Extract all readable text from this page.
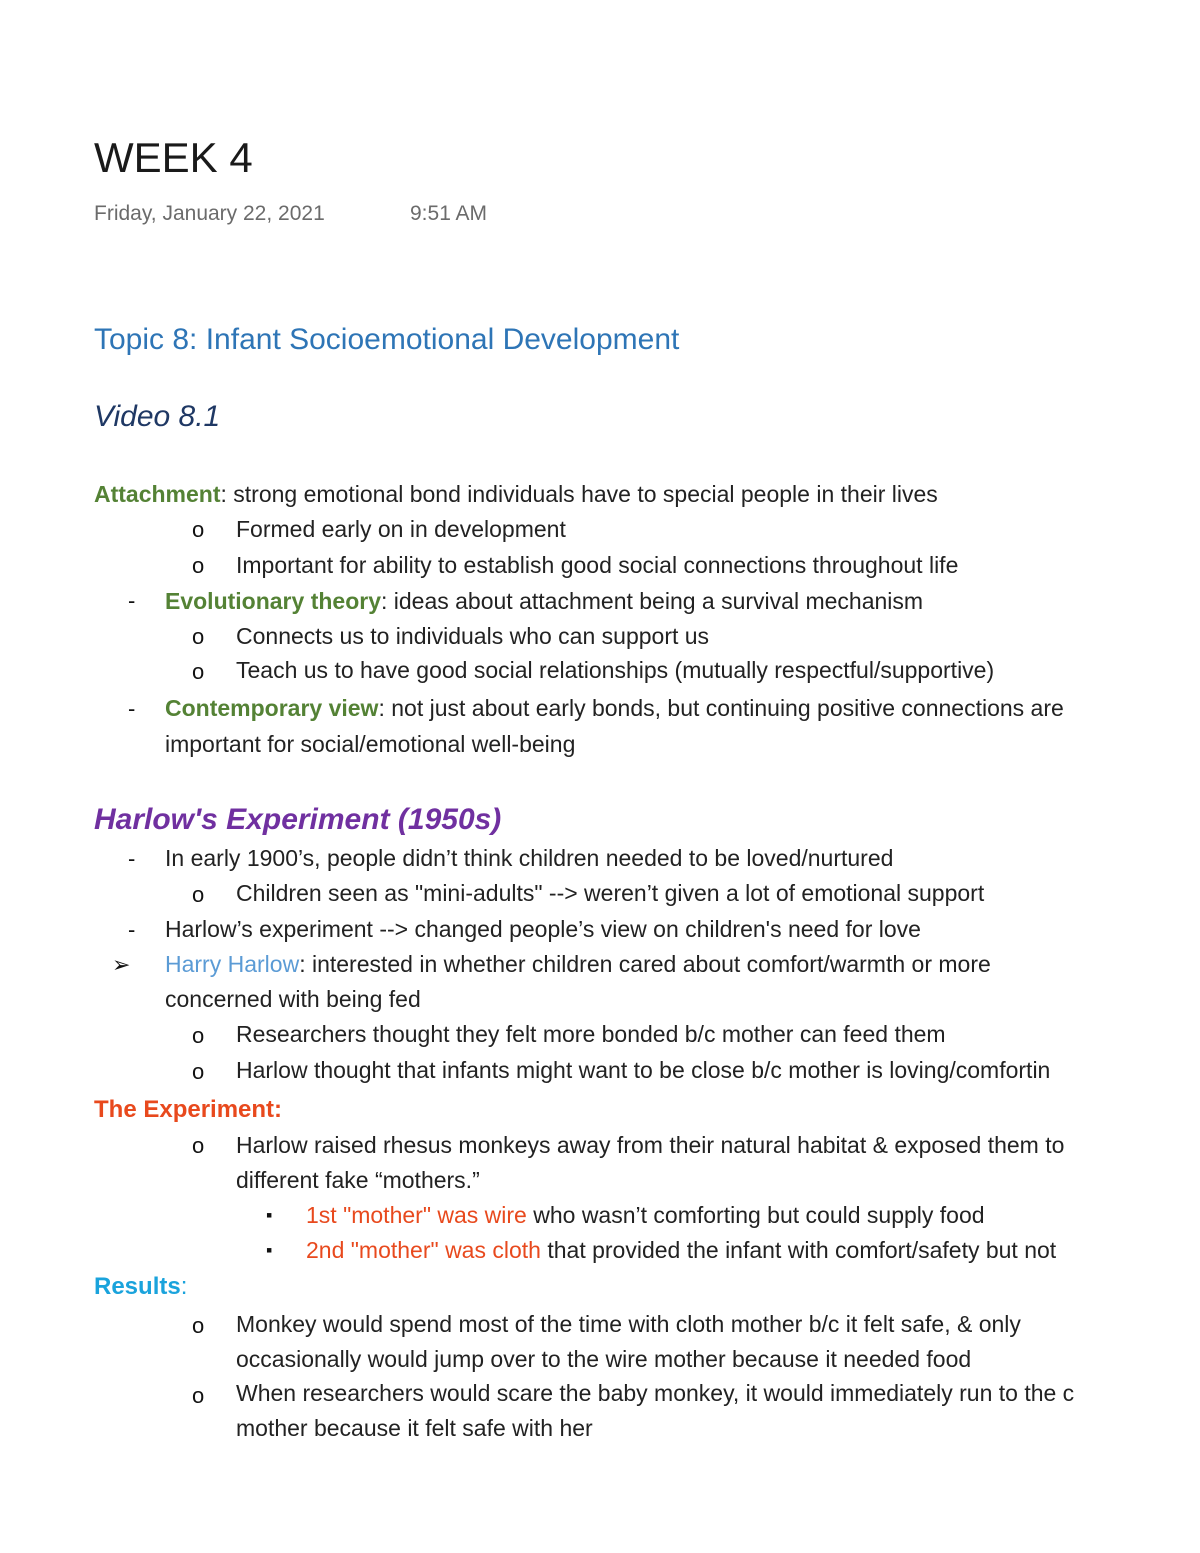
WEEK 4
Friday, January 22, 2021	9:51 AM
Topic 8: Infant Socioemotional Development
Video 8.1
Attachment: strong emotional bond individuals have to special people in their lives
o Formed early on in development
o Important for ability to establish good social connections throughout life
- Evolutionary theory: ideas about attachment being a survival mechanism
o Connects us to individuals who can support us
o Teach us to have good social relationships (mutually respectful/supportive)
- Contemporary view: not just about early bonds, but continuing positive connections are
important for social/emotional well-being
Harlow's Experiment (1950s)
- In early 1900’s, people didn’t think children needed to be loved/nurtured
o Children seen as "mini-adults" --> weren’t given a lot of emotional support
- Harlow’s experiment --> changed people’s view on children's need for love
➢ Harry Harlow: interested in whether children cared about comfort/warmth or more
concerned with being fed
o Researchers thought they felt more bonded b/c mother can feed them
o Harlow thought that infants might want to be close b/c mother is loving/comfortin
The Experiment:
o Harlow raised rhesus monkeys away from their natural habitat & exposed them to
different fake “mothers.”
▪ 1st "mother" was wire who wasn’t comforting but could supply food
▪ 2nd "mother" was cloth that provided the infant with comfort/safety but not
Results:
o Monkey would spend most of the time with cloth mother b/c it felt safe, & only
occasionally would jump over to the wire mother because it needed food
o When researchers would scare the baby monkey, it would immediately run to the c
mother because it felt safe with her
